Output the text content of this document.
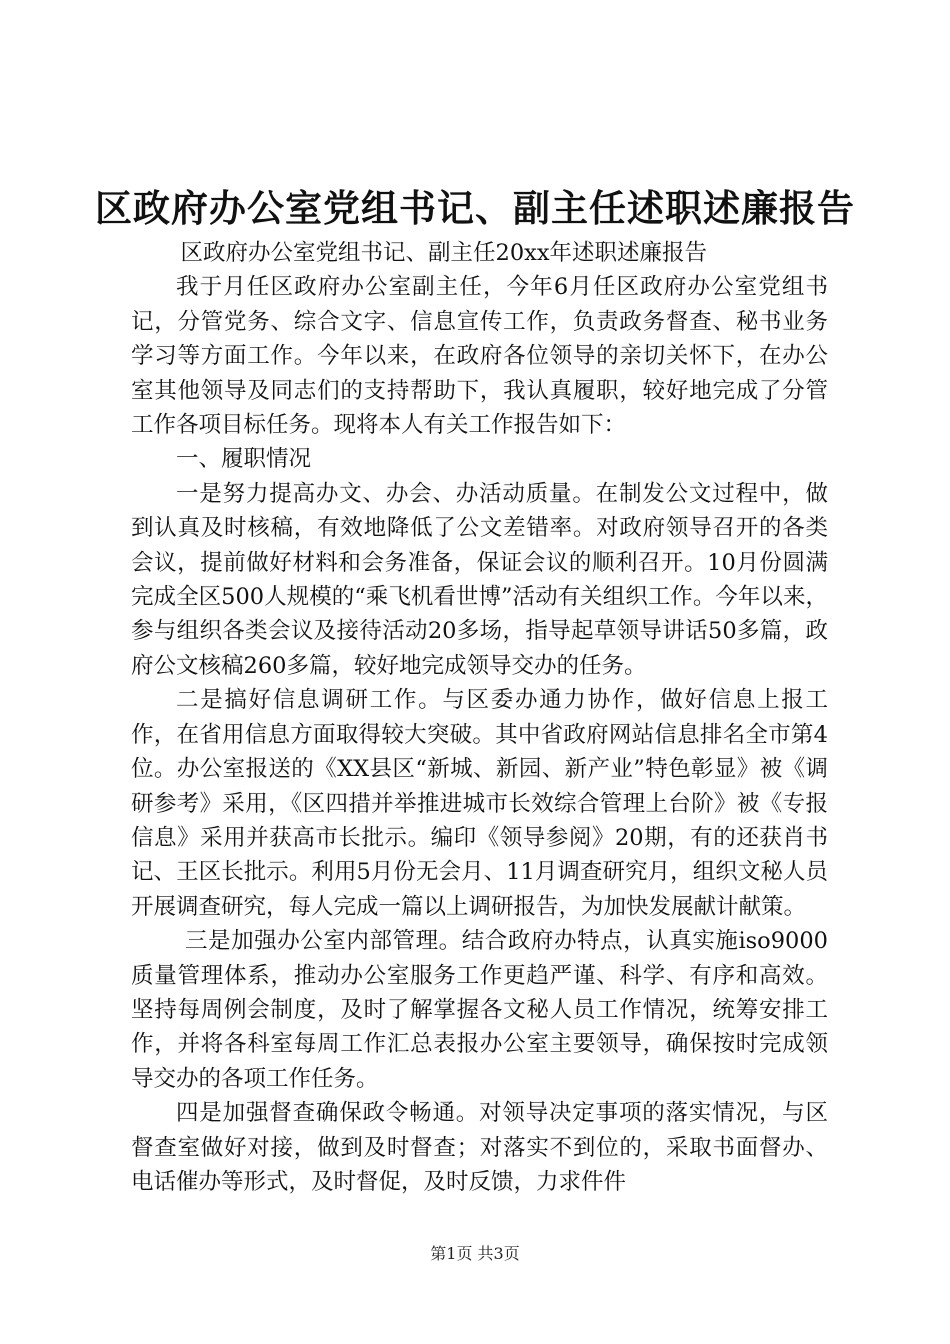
区政府办公室党组书记、副主任述职述廉报告

区政府办公室党组书记、副主任20xx年述职述廉报告

我于月任区政府办公室副主任，今年6月任区政府办公室党组书记，分管党务、综合文字、信息宣传工作，负责政务督查、秘书业务学习等方面工作。今年以来，在政府各位领导的亲切关怀下，在办公室其他领导及同志们的支持帮助下，我认真履职，较好地完成了分管工作各项目标任务。现将本人有关工作报告如下：

一、履职情况

一是努力提高办文、办会、办活动质量。在制发公文过程中，做到认真及时核稿，有效地降低了公文差错率。对政府领导召开的各类会议，提前做好材料和会务准备，保证会议的顺利召开。10月份圆满完成全区500人规模的“乘飞机看世博”活动有关组织工作。今年以来，参与组织各类会议及接待活动20多场，指导起草领导讲话50多篇，政府公文核稿260多篇，较好地完成领导交办的任务。

二是搞好信息调研工作。与区委办通力协作，做好信息上报工作，在省用信息方面取得较大突破。其中省政府网站信息排名全市第4位。办公室报送的《XX县区“新城、新园、新产业”特色彰显》被《调研参考》采用，《区四措并举推进城市长效综合管理上台阶》被《专报信息》采用并获高市长批示。编印《领导参阅》20期，有的还获肖书记、王区长批示。利用5月份无会月、11月调查研究月，组织文秘人员开展调查研究，每人完成一篇以上调研报告，为加快发展献计献策。

三是加强办公室内部管理。结合政府办特点，认真实施iso9000质量管理体系，推动办公室服务工作更趋严谨、科学、有序和高效。坚持每周例会制度，及时了解掌握各文秘人员工作情况，统筹安排工作，并将各科室每周工作汇总表报办公室主要领导，确保按时完成领导交办的各项工作任务。

四是加强督查确保政令畅通。对领导决定事项的落实情况，与区督查室做好对接，做到及时督查；对落实不到位的，采取书面督办、电话催办等形式，及时督促，及时反馈，力求件件

第1页 共3页
